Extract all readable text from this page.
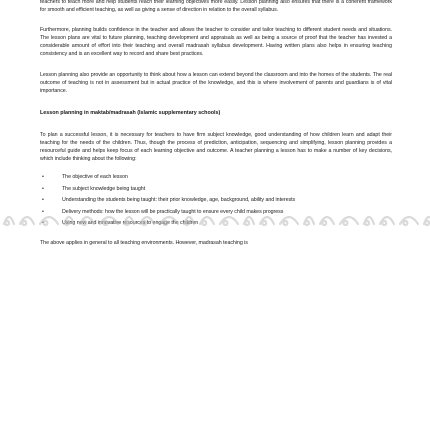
teachers to teach more and help students reach their learning objectives more easily. Lesson planning also ensures that there is a coherent framework for smooth and efficient teaching, as well as giving a sense of direction in relation to the overall syllabus.

Furthermore, planning builds confidence in the teacher and allows the teacher to consider and tailor teaching to different student needs and situations. The lesson plans are vital to future planning, teaching development and appraisals as well as being a source of proof that the teacher has invested a considerable amount of effort into their teaching and overall madrasah syllabus development. Having written plans also helps in ensuring teaching consistency and is an excellent way to record and share best practices.

Lesson planning also provide an opportunity to think about how a lesson can extend beyond the classroom and into the homes of the students. The real outcome of teaching is not in assessment but in actual practice of the knowledge, and this is where involvement of parents and guardians is of vital importance.

Lesson planning in maktab/madrasah (Islamic supplementary schools)

To plan a successful lesson, it is necessary for teachers to have firm subject knowledge, good understanding of how children learn and adapt their teaching for the needs of the children. Thus, though the process of prediction, anticipation, sequencing and simplifying, lesson planning provides a resourceful guide and helps keep focus of each learning objective and outcome. A teacher planning a lesson has to make a number of key decisions, which include thinking about the following:

•	The objective of each lesson
•	The subject knowledge being taught
•	Understanding the students being taught: their prior knowledge, age, background, ability and interests
•	Delivery methods: how the lesson will be practically taught to ensure every child makes progress
•	Using new and innovative resources to engage the children

The above applies in general to all teaching environments. However, madrasah teaching is
